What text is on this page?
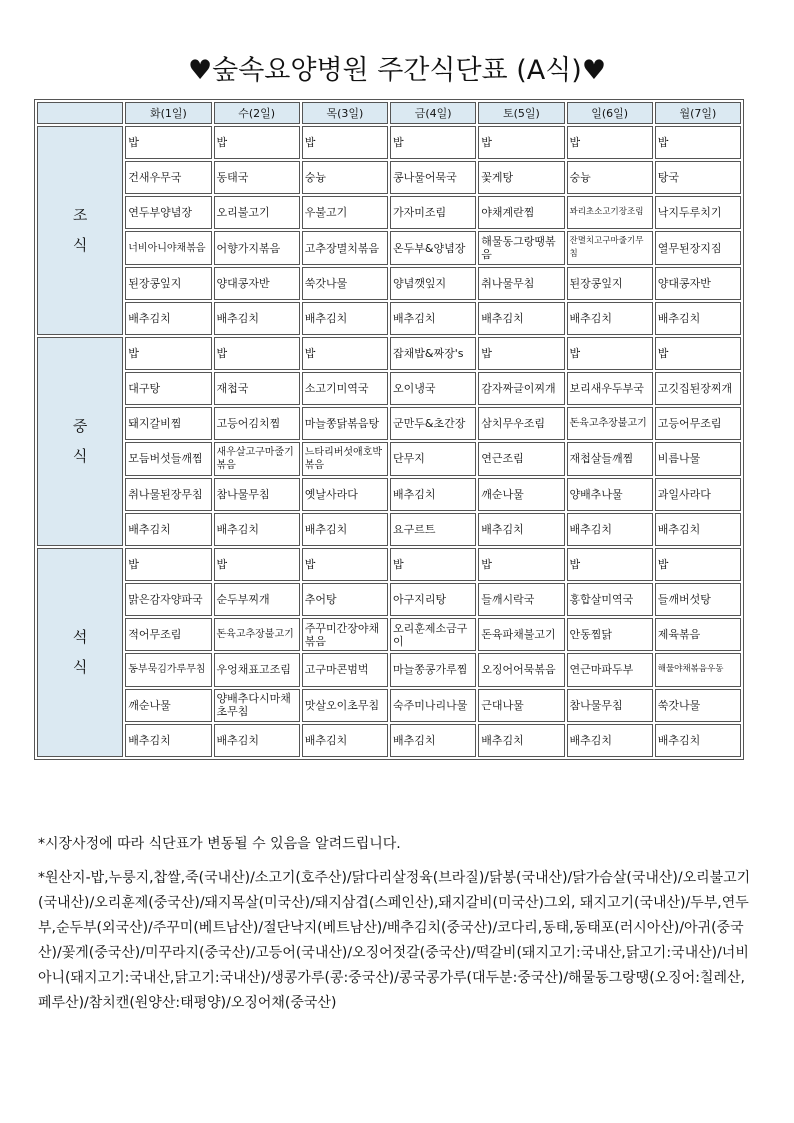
♥숲속요양병원 주간식단표 (A식)♥
	화(1일)	수(2일)	목(3일)	금(4일)	토(5일)	일(6일)	월(7일)

조
식	밥	밥	밥	밥	밥	밥	밥
	건새우무국	동태국	숭늉	콩나물어묵국	꽃게탕	숭늉	탕국
	연두부양념장	오리불고기	우불고기	가자미조림	야채계란찜	꽈리초소고기장조림	낙지두루치기
	너비아니야채볶음	어향가지볶음	고추장멸치볶음	온두부&양념장	해물동그랑땡볶음	잔멸치고구마줄기무침	열무된장지짐
	된장콩잎지	양대콩자반	쑥갓나물	양념깻잎지	취나물무침	된장콩잎지	양대콩자반
	배추김치	배추김치	배추김치	배추김치	배추김치	배추김치	배추김치

중
식	밥	밥	밥	잡채밥&짜장's	밥	밥	밥
	대구탕	재첩국	소고기미역국	오이냉국	감자짜글이찌개	보리새우두부국	고깃집된장찌개
	돼지갈비찜	고등어김치찜	마늘쫑닭볶음탕	군만두&초간장	삼치무우조림	돈육고추장불고기	고등어무조림
	모듬버섯들깨찜	새우살고구마줄기볶음	느타리버섯애호박볶음	단무지	연근조림	재첩살들깨찜	비름나물
	취나물된장무침	참나물무침	옛날사라다	배추김치	깨순나물	양배추나물	과일사라다
	배추김치	배추김치	배추김치	요구르트	배추김치	배추김치	배추김치

석
식	밥	밥	밥	밥	밥	밥	밥
	맑은감자양파국	순두부찌개	추어탕	아구지리탕	들깨시락국	홍합살미역국	들깨버섯탕
	적어무조림	돈육고추장불고기	주꾸미간장야채볶음	오리훈제소금구이	돈육파채불고기	안동찜닭	제육볶음
	동부묵김가루무침	우엉채표고조림	고구마콘범벅	마늘쫑콩가루찜	오징어어묵볶음	연근마파두부	해물야채볶음우동
	깨순나물	양배추다시마채초무침	맛살오이초무침	숙주미나리나물	근대나물	참나물무침	쑥갓나물
	배추김치	배추김치	배추김치	배추김치	배추김치	배추김치	배추김치

*시장사정에 따라 식단표가 변동될 수 있음을 알려드립니다.

*원산지-밥,누룽지,찹쌀,죽(국내산)/소고기(호주산)/닭다리살정육(브라질)/닭봉(국내산)/닭가슴살(국내산)/오리불고기(국내산)/오리훈제(중국산)/돼지목살(미국산)/돼지삼겹(스페인산),돼지갈비(미국산)그외, 돼지고기(국내산)/두부,연두부,순두부(외국산)/주꾸미(베트남산)/절단낙지(베트남산)/배추김치(중국산)/코다리,동태,동태포(러시아산)/아귀(중국산)/꽃게(중국산)/미꾸라지(중국산)/고등어(국내산)/오징어젓갈(중국산)/떡갈비(돼지고기:국내산,닭고기:국내산)/너비아니(돼지고기:국내산,닭고기:국내산)/생콩가루(콩:중국산)/콩국콩가루(대두분:중국산)/해물동그랑땡(오징어:칠레산,페루산)/참치캔(원양산:태평양)/오징어채(중국산)
